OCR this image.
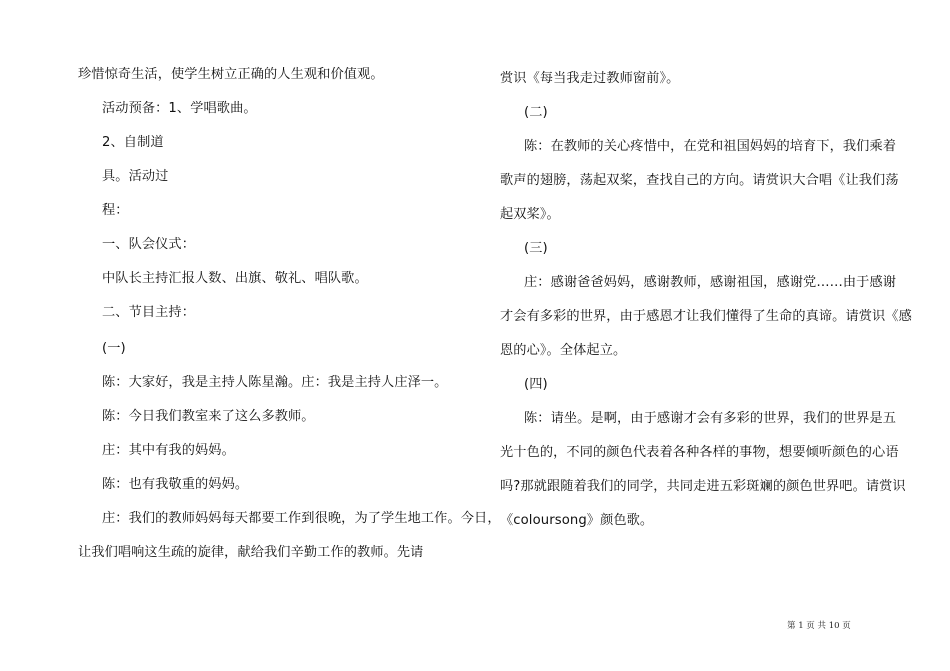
珍惜惊奇生活，使学生树立正确的人生观和价值观。
活动预备：1、学唱歌曲。
2、自制道
具。活动过
程：
一、队会仪式：
中队长主持汇报人数、出旗、敬礼、唱队歌。
二、节目主持：
(一)
陈：大家好，我是主持人陈星瀚。庄：我是主持人庄泽一。
陈：今日我们教室来了这么多教师。
庄：其中有我的妈妈。
陈：也有我敬重的妈妈。
庄：我们的教师妈妈每天都要工作到很晚，为了学生地工作。今日，
让我们唱响这生疏的旋律，献给我们辛勤工作的教师。先请
赏识《每当我走过教师窗前》。
(二)
陈：在教师的关心疼惜中，在党和祖国妈妈的培育下，我们乘着
歌声的翅膀，荡起双桨，查找自己的方向。请赏识大合唱《让我们荡
起双桨》。
(三)
庄：感谢爸爸妈妈，感谢教师，感谢祖国，感谢党……由于感谢
才会有多彩的世界，由于感恩才让我们懂得了生命的真谛。请赏识《感
恩的心》。全体起立。
(四)
陈：请坐。是啊，由于感谢才会有多彩的世界，我们的世界是五
光十色的，不同的颜色代表着各种各样的事物，想要倾听颜色的心语
吗?那就跟随着我们的同学，共同走进五彩斑斓的颜色世界吧。请赏识
《coloursong》颜色歌。
第 1 页 共 10 页
